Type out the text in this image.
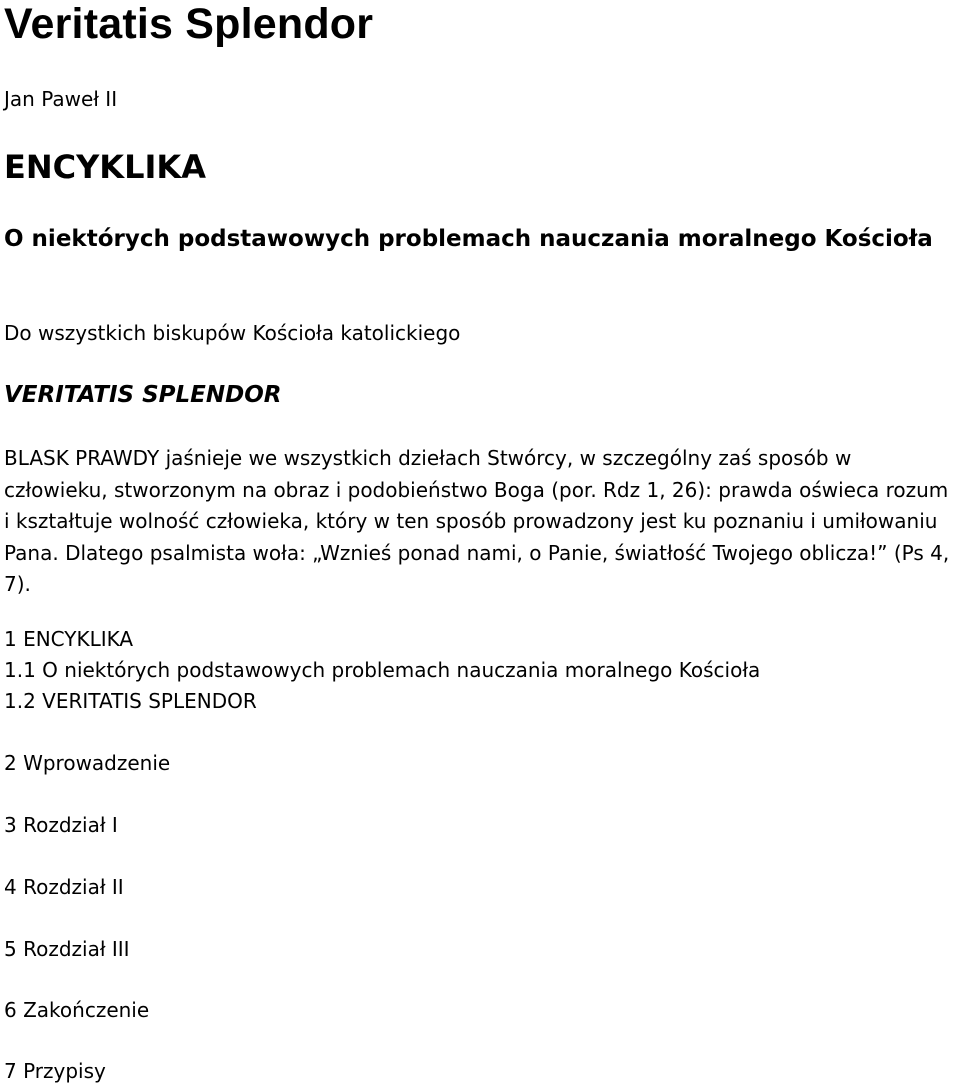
Veritatis Splendor
Jan Paweł II
ENCYKLIKA
O niektórych podstawowych problemach nauczania moralnego Kościoła
Do wszystkich biskupów Kościoła katolickiego
VERITATIS SPLENDOR

BLASK PRAWDY jaśnieje we wszystkich dziełach Stwórcy, w szczególny zaś sposób w człowieku, stworzonym na obraz i podobieństwo Boga (por. Rdz 1, 26): prawda oświeca rozum i kształtuje wolność człowieka, który w ten sposób prowadzony jest ku poznaniu i umiłowaniu Pana. Dlatego psalmista woła: „Wznieś ponad nami, o Panie, światłość Twojego oblicza!” (Ps 4, 7).

1 ENCYKLIKA
1.1 O niektórych podstawowych problemach nauczania moralnego Kościoła
1.2 VERITATIS SPLENDOR
2 Wprowadzenie
3 Rozdział I
4 Rozdział II
5 Rozdział III
6 Zakończenie
7 Przypisy
